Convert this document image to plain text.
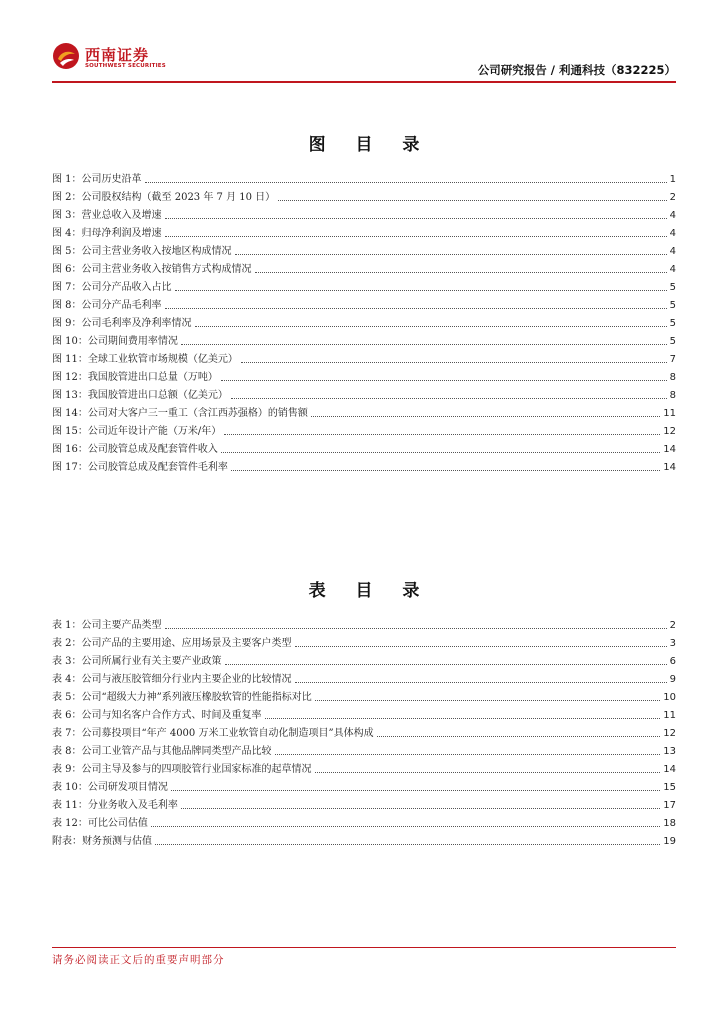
西南证券
SOUTHWEST SECURITIES	公司研究报告 / 利通科技（832225）
图 目 录
图 1：公司历史沿革	1
图 2：公司股权结构（截至 2023 年 7 月 10 日）	2
图 3：营业总收入及增速	4
图 4：归母净利润及增速	4
图 5：公司主营业务收入按地区构成情况	4
图 6：公司主营业务收入按销售方式构成情况	4
图 7：公司分产品收入占比	5
图 8：公司分产品毛利率	5
图 9：公司毛利率及净利率情况	5
图 10：公司期间费用率情况	5
图 11：全球工业软管市场规模（亿美元）	7
图 12：我国胶管进出口总量（万吨）	8
图 13：我国胶管进出口总额（亿美元）	8
图 14：公司对大客户三一重工（含江西苏强格）的销售额	11
图 15：公司近年设计产能（万米/年）	12
图 16：公司胶管总成及配套管件收入	14
图 17：公司胶管总成及配套管件毛利率	14
表 目 录
表 1：公司主要产品类型	2
表 2：公司产品的主要用途、应用场景及主要客户类型	3
表 3：公司所属行业有关主要产业政策	6
表 4：公司与液压胶管细分行业内主要企业的比较情况	9
表 5：公司“超级大力神”系列液压橡胶软管的性能指标对比	10
表 6：公司与知名客户合作方式、时间及重复率	11
表 7：公司募投项目“年产 4000 万米工业软管自动化制造项目”具体构成	12
表 8：公司工业管产品与其他品牌同类型产品比较	13
表 9：公司主导及参与的四项胶管行业国家标准的起草情况	14
表 10：公司研发项目情况	15
表 11：分业务收入及毛利率	17
表 12：可比公司估值	18
附表：财务预测与估值	19
请务必阅读正文后的重要声明部分
